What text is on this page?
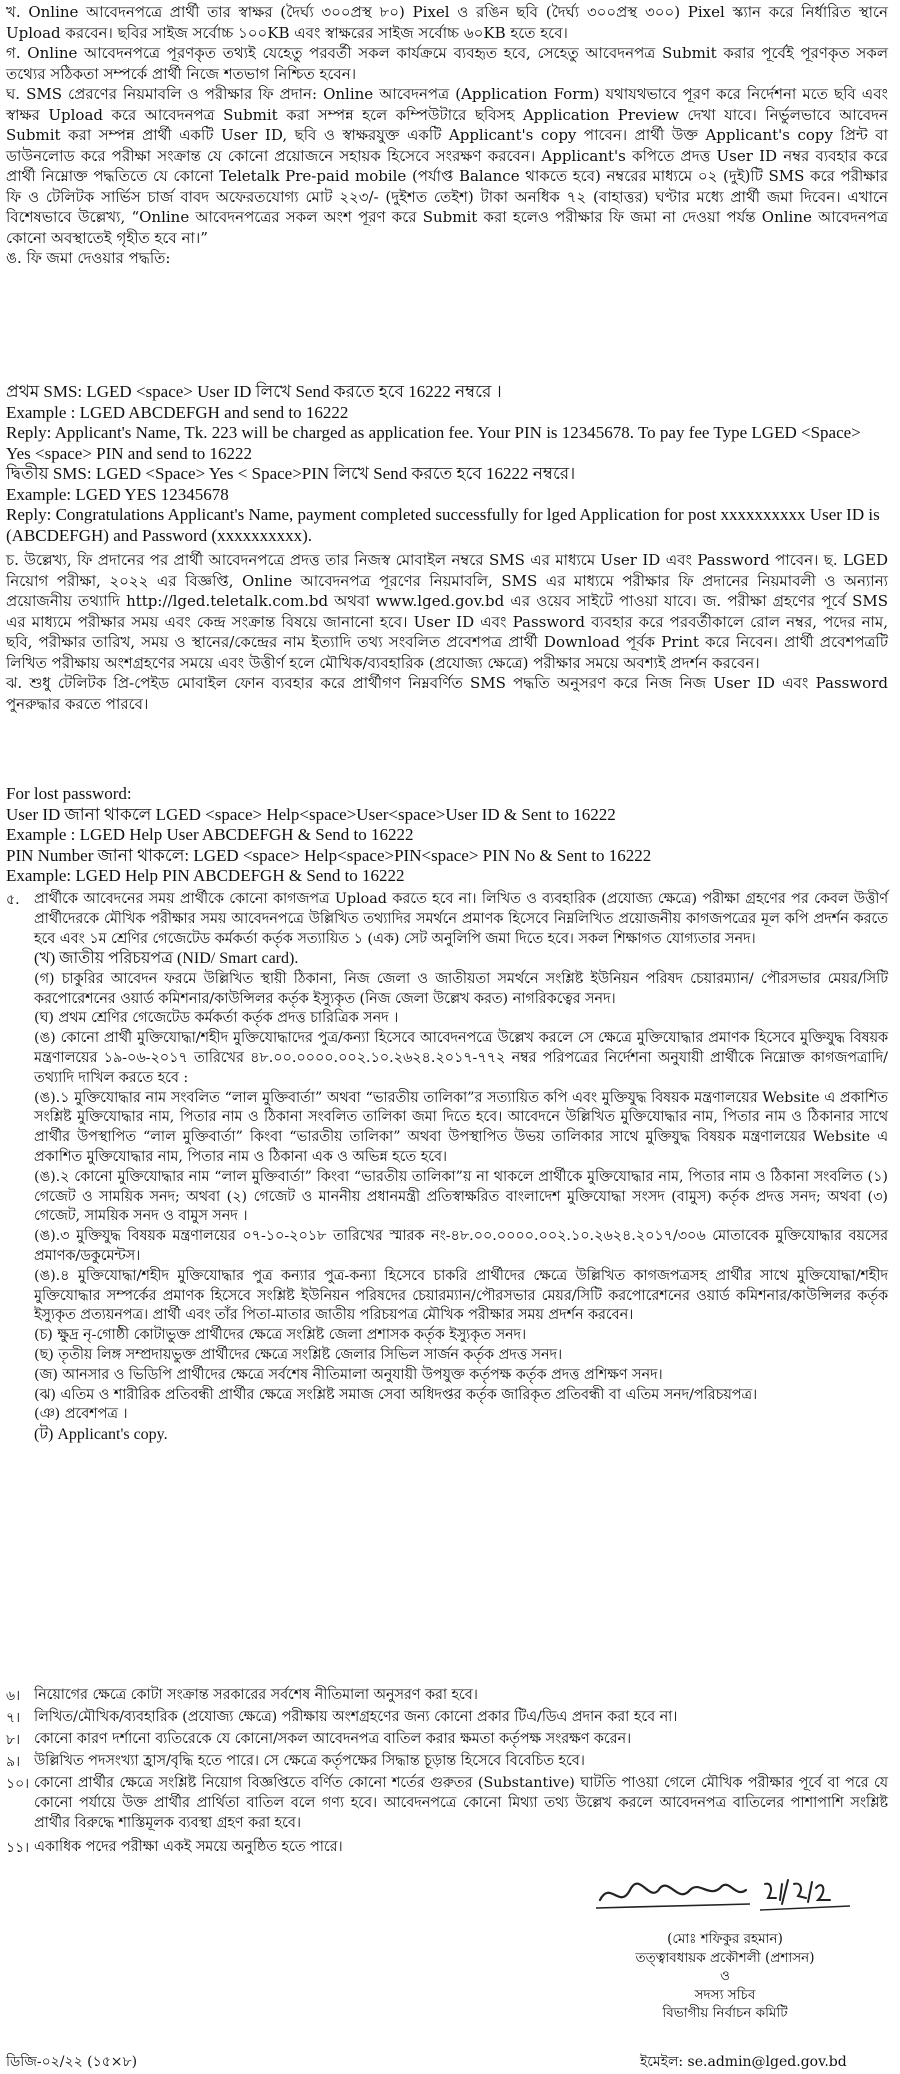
খ. Online আবেদনপত্রে প্রার্থী তার স্বাক্ষর (দৈর্ঘ্য ৩০০প্রস্থ ৮০) Pixel ও রঙিন ছবি (দৈর্ঘ্য ৩০০প্রস্থ ৩০০) Pixel স্ক্যান করে নির্ধারিত স্থানে Upload করবেন। ছবির সাইজ সর্বোচ্চ ১০০KB এবং স্বাক্ষরের সাইজ সর্বোচ্চ ৬০KB হতে হবে।

গ. Online আবেদনপত্রে পূরণকৃত তথ্যই যেহেতু পরবর্তী সকল কার্যক্রমে ব্যবহৃত হবে, সেহেতু আবেদনপত্র Submit করার পূর্বেই পূরণকৃত সকল তথ্যের সঠিকতা সম্পর্কে প্রার্থী নিজে শতভাগ নিশ্চিত হবেন।

ঘ. SMS প্রেরণের নিয়মাবলি ও পরীক্ষার ফি প্রদান: Online আবেদনপত্র (Application Form) যথাযথভাবে পূরণ করে নির্দেশনা মতে ছবি এবং স্বাক্ষর Upload করে আবেদনপত্র Submit করা সম্পন্ন হলে কম্পিউটারে ছবিসহ Application Preview দেখা যাবে। নির্ভুলভাবে আবেদন Submit করা সম্পন্ন প্রার্থী একটি User ID, ছবি ও স্বাক্ষরযুক্ত একটি Applicant's copy পাবেন। প্রার্থী উক্ত Applicant's copy প্রিন্ট বা ডাউনলোড করে পরীক্ষা সংক্রান্ত যে কোনো প্রয়োজনে সহায়ক হিসেবে সংরক্ষণ করবেন। Applicant's কপিতে প্রদত্ত User ID নম্বর ব্যবহার করে প্রার্থী নিম্নোক্ত পদ্ধতিতে যে কোনো Teletalk Pre-paid mobile (পর্যাপ্ত Balance থাকতে হবে) নম্বরের মাধ্যমে ০২ (দুই)টি SMS করে পরীক্ষার ফি ও টেলিটক সার্ভিস চার্জ বাবদ অফেরতযোগ্য মোট ২২৩/- (দুইশত তেইশ) টাকা অনধিক ৭২ (বাহাত্তর) ঘণ্টার মধ্যে প্রার্থী জমা দিবেন। এখানে বিশেষভাবে উল্লেখ্য, “Online আবেদনপত্রের সকল অংশ পূরণ করে Submit করা হলেও পরীক্ষার ফি জমা না দেওয়া পর্যন্ত Online আবেদনপত্র কোনো অবস্থাতেই গৃহীত হবে না।”

ঙ. ফি জমা দেওয়ার পদ্ধতি:

প্রথম SMS: LGED <space> User ID লিখে Send করতে হবে 16222 নম্বরে ।

Example : LGED ABCDEFGH and send to 16222

Reply: Applicant's Name, Tk. 223 will be charged as application fee. Your PIN is 12345678. To pay fee Type LGED <Space> Yes <space> PIN and send to 16222

দ্বিতীয় SMS: LGED <Space> Yes < Space>PIN লিখে Send করতে হবে 16222 নম্বরে।

Example: LGED YES 12345678

Reply: Congratulations Applicant's Name, payment completed successfully for lged Application for post xxxxxxxxxx User ID is (ABCDEFGH) and Password (xxxxxxxxxx).

চ. উল্লেখ্য, ফি প্রদানের পর প্রার্থী আবেদনপত্রে প্রদত্ত তার নিজস্ব মোবাইল নম্বরে SMS এর মাধ্যমে User ID এবং Password পাবেন। ছ. LGED নিয়োগ পরীক্ষা, ২০২২ এর বিজ্ঞপ্তি, Online আবেদনপত্র পূরণের নিয়মাবলি, SMS এর মাধ্যমে পরীক্ষার ফি প্রদানের নিয়মাবলী ও অন্যান্য প্রয়োজনীয় তথ্যাদি http://lged.teletalk.com.bd অথবা www.lged.gov.bd এর ওয়েব সাইটে পাওয়া যাবে। জ. পরীক্ষা গ্রহণের পূর্বে SMS এর মাধ্যমে পরীক্ষার সময় এবং কেন্দ্র সংক্রান্ত বিষয়ে জানানো হবে। User ID এবং Password ব্যবহার করে পরবর্তীকালে রোল নম্বর, পদের নাম, ছবি, পরীক্ষার তারিখ, সময় ও স্থানের/কেন্দ্রের নাম ইত্যাদি তথ্য সংবলিত প্রবেশপত্র প্রার্থী Download পূর্বক Print করে নিবেন। প্রার্থী প্রবেশপত্রটি লিখিত পরীক্ষায় অংশগ্রহণের সময়ে এবং উত্তীর্ণ হলে মৌখিক/ব্যবহারিক (প্রযোজ্য ক্ষেত্রে) পরীক্ষার সময়ে অবশ্যই প্রদর্শন করবেন।

ঝ. শুধু টেলিটক প্রি-পেইড মোবাইল ফোন ব্যবহার করে প্রার্থীগণ নিম্নবর্ণিত SMS পদ্ধতি অনুসরণ করে নিজ নিজ User ID এবং Password পুনরুদ্ধার করতে পারবে।

For lost password:

User ID জানা থাকলে LGED <space> Help<space>User<space>User ID & Sent to 16222

Example : LGED Help User ABCDEFGH & Send to 16222

PIN Number জানা থাকলে: LGED <space> Help<space>PIN<space> PIN No & Sent to 16222

Example: LGED Help PIN ABCDEFGH & Send to 16222

৫.	প্রার্থীকে আবেদনের সময় প্রার্থীকে কোনো কাগজপত্র Upload করতে হবে না। লিখিত ও ব্যবহারিক (প্রযোজ্য ক্ষেত্রে) পরীক্ষা গ্রহণের পর কেবল উত্তীর্ণ প্রার্থীদেরকে মৌখিক পরীক্ষার সময় আবেদনপত্রে উল্লিখিত তথ্যাদির সমর্থনে প্রমাণক হিসেবে নিম্নলিখিত প্রয়োজনীয় কাগজপত্রের মূল কপি প্রদর্শন করতে হবে এবং ১ম শ্রেণির গেজেটেড কর্মকর্তা কর্তৃক সত্যায়িত ১ (এক) সেট অনুলিপি জমা দিতে হবে। সকল শিক্ষাগত যোগ্যতার সনদ।

(খ) জাতীয় পরিচয়পত্র (NID/ Smart card).

(গ) চাকুরির আবেদন ফরমে উল্লিখিত স্থায়ী ঠিকানা, নিজ জেলা ও জাতীয়তা সমর্থনে সংশ্লিষ্ট ইউনিয়ন পরিষদ চেয়ারম্যান/ পৌরসভার মেয়র/সিটি করপোরেশনের ওয়ার্ড কমিশনার/কাউন্সিলর কর্তৃক ইস্যুকৃত (নিজ জেলা উল্লেখ করত) নাগরিকত্বের সনদ।

(ঘ) প্রথম শ্রেণির গেজেটেড কর্মকর্তা কর্তৃক প্রদত্ত চারিত্রিক সনদ ।

(ঙ) কোনো প্রার্থী মুক্তিযোদ্ধা/শহীদ মুক্তিযোদ্ধাদের পুত্র/কন্যা হিসেবে আবেদনপত্রে উল্লেখ করলে সে ক্ষেত্রে মুক্তিযোদ্ধার প্রমাণক হিসেবে মুক্তিযুদ্ধ বিষয়ক মন্ত্রণালয়ের ১৯-০৬-২০১৭ তারিখের ৪৮.০০.০০০০.০০২.১০.২৬২৪.২০১৭-৭৭২ নম্বর পরিপত্রের নির্দেশনা অনুযায়ী প্রার্থীকে নিম্নোক্ত কাগজপত্রাদি/তথ্যাদি দাখিল করতে হবে :

(ঙ).১ মুক্তিযোদ্ধার নাম সংবলিত “লাল মুক্তিবার্তা” অথবা “ভারতীয় তালিকা”র সত্যায়িত কপি এবং মুক্তিযুদ্ধ বিষয়ক মন্ত্রণালয়ের Website এ প্রকাশিত সংশ্লিষ্ট মুক্তিযোদ্ধার নাম, পিতার নাম ও ঠিকানা সংবলিত তালিকা জমা দিতে হবে। আবেদনে উল্লিখিত মুক্তিযোদ্ধার নাম, পিতার নাম ও ঠিকানার সাথে প্রার্থীর উপস্থাপিত “লাল মুক্তিবার্তা” কিংবা “ভারতীয় তালিকা” অথবা উপস্থাপিত উভয় তালিকার সাথে মুক্তিযুদ্ধ বিষয়ক মন্ত্রণালয়ের Website এ প্রকাশিত মুক্তিযোদ্ধার নাম, পিতার নাম ও ঠিকানা এক ও অভিন্ন হতে হবে।

(ঙ).২ কোনো মুক্তিযোদ্ধার নাম “লাল মুক্তিবার্তা” কিংবা “ভারতীয় তালিকা”য় না থাকলে প্রার্থীকে মুক্তিযোদ্ধার নাম, পিতার নাম ও ঠিকানা সংবলিত (১) গেজেট ও সাময়িক সনদ; অথবা (২) গেজেট ও মাননীয় প্রধানমন্ত্রী প্রতিস্বাক্ষরিত বাংলাদেশ মুক্তিযোদ্ধা সংসদ (বামুস) কর্তৃক প্রদত্ত সনদ; অথবা (৩) গেজেট, সাময়িক সনদ ও বামুস সনদ ।

(ঙ).৩ মুক্তিযুদ্ধ বিষয়ক মন্ত্রণালয়ের ০৭-১০-২০১৮ তারিখের স্মারক নং-৪৮.০০.০০০০.০০২.১০.২৬২৪.২০১৭/৩০৬ মোতাবেক মুক্তিযোদ্ধার বয়সের প্রমাণক/ডকুমেন্টস।

(ঙ).৪ মুক্তিযোদ্ধা/শহীদ মুক্তিযোদ্ধার পুত্র কন্যার পুত্র-কন্যা হিসেবে চাকরি প্রার্থীদের ক্ষেত্রে উল্লিখিত কাগজপত্রসহ প্রার্থীর সাথে মুক্তিযোদ্ধা/শহীদ মুক্তিযোদ্ধার সম্পর্কের প্রমাণক হিসেবে সংশ্লিষ্ট ইউনিয়ন পরিষদের চেয়ারম্যান/পৌরসভার মেয়র/সিটি করপোরেশনের ওয়ার্ড কমিশনার/কাউন্সিলর কর্তৃক ইস্যুকৃত প্রত্যয়নপত্র। প্রার্থী এবং তাঁর পিতা-মাতার জাতীয় পরিচয়পত্র মৌখিক পরীক্ষার সময় প্রদর্শন করবেন।

(চ) ক্ষুদ্র নৃ-গোষ্ঠী কোটাভুক্ত প্রার্থীদের ক্ষেত্রে সংশ্লিষ্ট জেলা প্রশাসক কর্তৃক ইস্যুকৃত সনদ।

(ছ) তৃতীয় লিঙ্গ সম্প্রদায়ভুক্ত প্রার্থীদের ক্ষেত্রে সংশ্লিষ্ট জেলার সিভিল সার্জন কর্তৃক প্রদত্ত সনদ।

(জ) আনসার ও ভিডিপি প্রার্থীদের ক্ষেত্রে সর্বশেষ নীতিমালা অনুযায়ী উপযুক্ত কর্তৃপক্ষ কর্তৃক প্রদত্ত প্রশিক্ষণ সনদ।

(ঝ) এতিম ও শারীরিক প্রতিবন্ধী প্রার্থীর ক্ষেত্রে সংশ্লিষ্ট সমাজ সেবা অধিদপ্তর কর্তৃক জারিকৃত প্রতিবন্ধী বা এতিম সনদ/পরিচয়পত্র।

(ঞ) প্রবেশপত্র ।

(ট) Applicant's copy.

৬। নিয়োগের ক্ষেত্রে কোটা সংক্রান্ত সরকারের সর্বশেষ নীতিমালা অনুসরণ করা হবে।
৭। লিখিত/মৌখিক/ব্যবহারিক (প্রযোজ্য ক্ষেত্রে) পরীক্ষায় অংশগ্রহণের জন্য কোনো প্রকার টিএ/ডিএ প্রদান করা হবে না।
৮। কোনো কারণ দর্শানো ব্যতিরেকে যে কোনো/সকল আবেদনপত্র বাতিল করার ক্ষমতা কর্তৃপক্ষ সংরক্ষণ করেন।
৯। উল্লিখিত পদসংখ্যা হ্রাস/বৃদ্ধি হতে পারে। সে ক্ষেত্রে কর্তৃপক্ষের সিদ্ধান্ত চূড়ান্ত হিসেবে বিবেচিত হবে।
১০। কোনো প্রার্থীর ক্ষেত্রে সংশ্লিষ্ট নিয়োগ বিজ্ঞপ্তিতে বর্ণিত কোনো শর্তের গুরুতর (Substantive) ঘাটতি পাওয়া গেলে মৌখিক পরীক্ষার পূর্বে বা পরে যে কোনো পর্যায়ে উক্ত প্রার্থীর প্রার্থিতা বাতিল বলে গণ্য হবে। আবেদনপত্রে কোনো মিথ্যা তথ্য উল্লেখ করলে আবেদনপত্র বাতিলের পাশাপাশি সংশ্লিষ্ট প্রার্থীর বিরুদ্ধে শাস্তিমূলক ব্যবস্থা গ্রহণ করা হবে।
১১। একাধিক পদের পরীক্ষা একই সময়ে অনুষ্ঠিত হতে পারে।

(মোঃ শফিকুর রহমান)

তত্ত্বাবধায়ক প্রকৌশলী (প্রশাসন)

ও

সদস্য সচিব

বিভাগীয় নির্বাচন কমিটি

ডিজি-০২/২২ (১৫×৮)	ইমেইল: se.admin@lged.gov.bd
